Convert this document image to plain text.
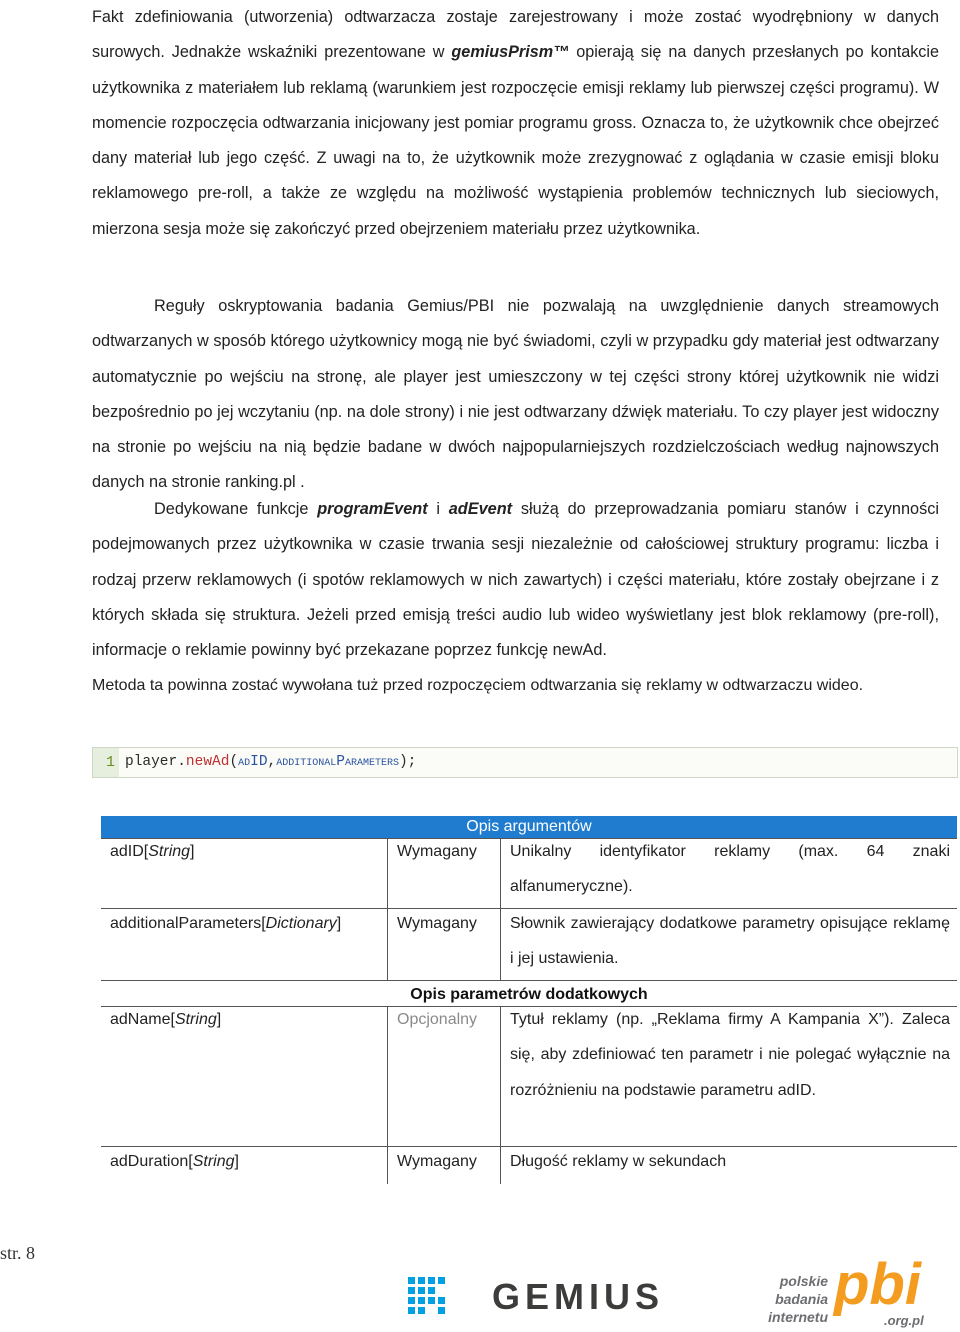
Fakt zdefiniowania (utworzenia) odtwarzacza zostaje zarejestrowany i może zostać wyodrębniony w danych surowych. Jednakże wskaźniki prezentowane w gemiusPrism™ opierają się na danych przesłanych po kontakcie użytkownika z materiałem lub reklamą (warunkiem jest rozpoczęcie emisji reklamy lub pierwszej części programu). W momencie rozpoczęcia odtwarzania inicjowany jest pomiar programu gross. Oznacza to, że użytkownik chce obejrzeć dany materiał lub jego część. Z uwagi na to, że użytkownik może zrezygnować z oglądania w czasie emisji bloku reklamowego pre-roll, a także ze względu na możliwość wystąpienia problemów technicznych lub sieciowych, mierzona sesja może się zakończyć przed obejrzeniem materiału przez użytkownika.

Reguły oskryptowania badania Gemius/PBI nie pozwalają na uwzględnienie danych streamowych odtwarzanych w sposób którego użytkownicy mogą nie być świadomi, czyli w przypadku gdy materiał jest odtwarzany automatycznie po wejściu na stronę, ale player jest umieszczony w tej części strony której użytkownik nie widzi bezpośrednio po jej wczytaniu (np. na dole strony) i nie jest odtwarzany dźwięk materiału. To czy player jest widoczny na stronie po wejściu na nią będzie badane w dwóch najpopularniejszych rozdzielczościach według najnowszych danych na stronie ranking.pl .

Dedykowane funkcje programEvent i adEvent służą do przeprowadzania pomiaru stanów i czynności podejmowanych przez użytkownika w czasie trwania sesji niezależnie od całościowej struktury programu: liczba i rodzaj przerw reklamowych (i spotów reklamowych w nich zawartych) i części materiału, które zostały obejrzane i z których składa się struktura. Jeżeli przed emisją treści audio lub wideo wyświetlany jest blok reklamowy (pre-roll), informacje o reklamie powinny być przekazane poprzez funkcję newAd.

Metoda ta powinna zostać wywołana tuż przed rozpoczęciem odtwarzania się reklamy w odtwarzaczu wideo.

1 player.newAd(adID,additionalParameters);
Opis argumentów
adID[String]	Wymagany	Unikalny identyfikator reklamy (max. 64 znaki alfanumeryczne).
additionalParameters[Dictionary]	Wymagany	Słownik zawierający dodatkowe parametry opisujące reklamę i jej ustawienia.
Opis parametrów dodatkowych
adName[String]	Opcjonalny	Tytuł reklamy (np. „Reklama firmy A Kampania X”). Zaleca się, aby zdefiniować ten parametr i nie polegać wyłącznie na rozróżnieniu na podstawie parametru adID.
adDuration[String]	Wymagany	Długość reklamy w sekundach
str. 8
GEMIUS	polskie
badania
internetu pbi
.org.pl
